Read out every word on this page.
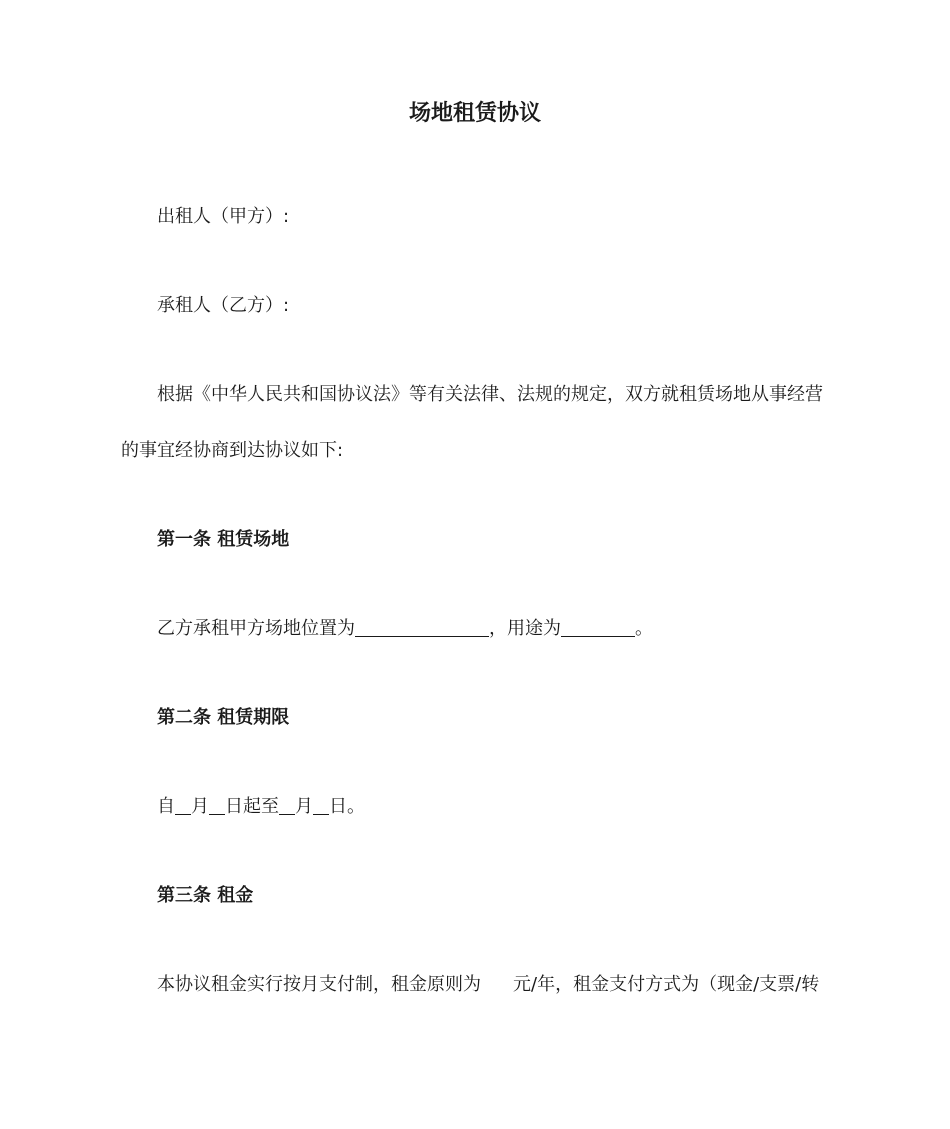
场地租赁协议
出租人（甲方）:
承租人（乙方）:
根据《中华人民共和国协议法》等有关法律、法规的规定，双方就租赁场地从事经营
的事宜经协商到达协议如下:
第一条 租赁场地
乙方承租甲方场地位置为	，用途为	。
第二条 租赁期限
自 月 日起至 月 日。
第三条 租金
本协议租金实行按月支付制，租金原则为 元/年，租金支付方式为（现金/支票/转
